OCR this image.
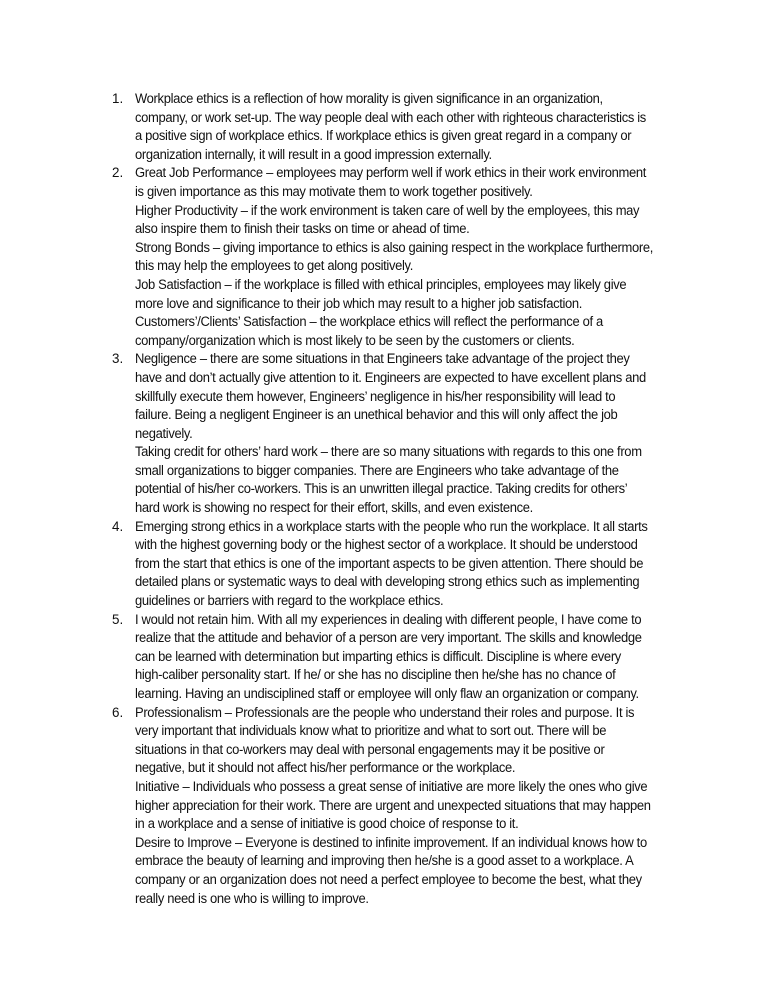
1. Workplace ethics is a reflection of how morality is given significance in an organization,
company, or work set-up. The way people deal with each other with righteous characteristics is
a positive sign of workplace ethics. If workplace ethics is given great regard in a company or
organization internally, it will result in a good impression externally.
2. Great Job Performance – employees may perform well if work ethics in their work environment
is given importance as this may motivate them to work together positively.
Higher Productivity – if the work environment is taken care of well by the employees, this may
also inspire them to finish their tasks on time or ahead of time.
Strong Bonds – giving importance to ethics is also gaining respect in the workplace furthermore,
this may help the employees to get along positively.
Job Satisfaction – if the workplace is filled with ethical principles, employees may likely give
more love and significance to their job which may result to a higher job satisfaction.
Customers’/Clients’ Satisfaction – the workplace ethics will reflect the performance of a
company/organization which is most likely to be seen by the customers or clients.
3. Negligence – there are some situations in that Engineers take advantage of the project they
have and don’t actually give attention to it. Engineers are expected to have excellent plans and
skillfully execute them however, Engineers’ negligence in his/her responsibility will lead to
failure. Being a negligent Engineer is an unethical behavior and this will only affect the job
negatively.
Taking credit for others’ hard work – there are so many situations with regards to this one from
small organizations to bigger companies. There are Engineers who take advantage of the
potential of his/her co-workers. This is an unwritten illegal practice. Taking credits for others’
hard work is showing no respect for their effort, skills, and even existence.
4. Emerging strong ethics in a workplace starts with the people who run the workplace. It all starts
with the highest governing body or the highest sector of a workplace. It should be understood
from the start that ethics is one of the important aspects to be given attention. There should be
detailed plans or systematic ways to deal with developing strong ethics such as implementing
guidelines or barriers with regard to the workplace ethics.
5. I would not retain him. With all my experiences in dealing with different people, I have come to
realize that the attitude and behavior of a person are very important. The skills and knowledge
can be learned with determination but imparting ethics is difficult. Discipline is where every
high-caliber personality start. If he/ or she has no discipline then he/she has no chance of
learning. Having an undisciplined staff or employee will only flaw an organization or company.
6. Professionalism – Professionals are the people who understand their roles and purpose. It is
very important that individuals know what to prioritize and what to sort out. There will be
situations in that co-workers may deal with personal engagements may it be positive or
negative, but it should not affect his/her performance or the workplace.
Initiative – Individuals who possess a great sense of initiative are more likely the ones who give
higher appreciation for their work. There are urgent and unexpected situations that may happen
in a workplace and a sense of initiative is good choice of response to it.
Desire to Improve – Everyone is destined to infinite improvement. If an individual knows how to
embrace the beauty of learning and improving then he/she is a good asset to a workplace. A
company or an organization does not need a perfect employee to become the best, what they
really need is one who is willing to improve.
